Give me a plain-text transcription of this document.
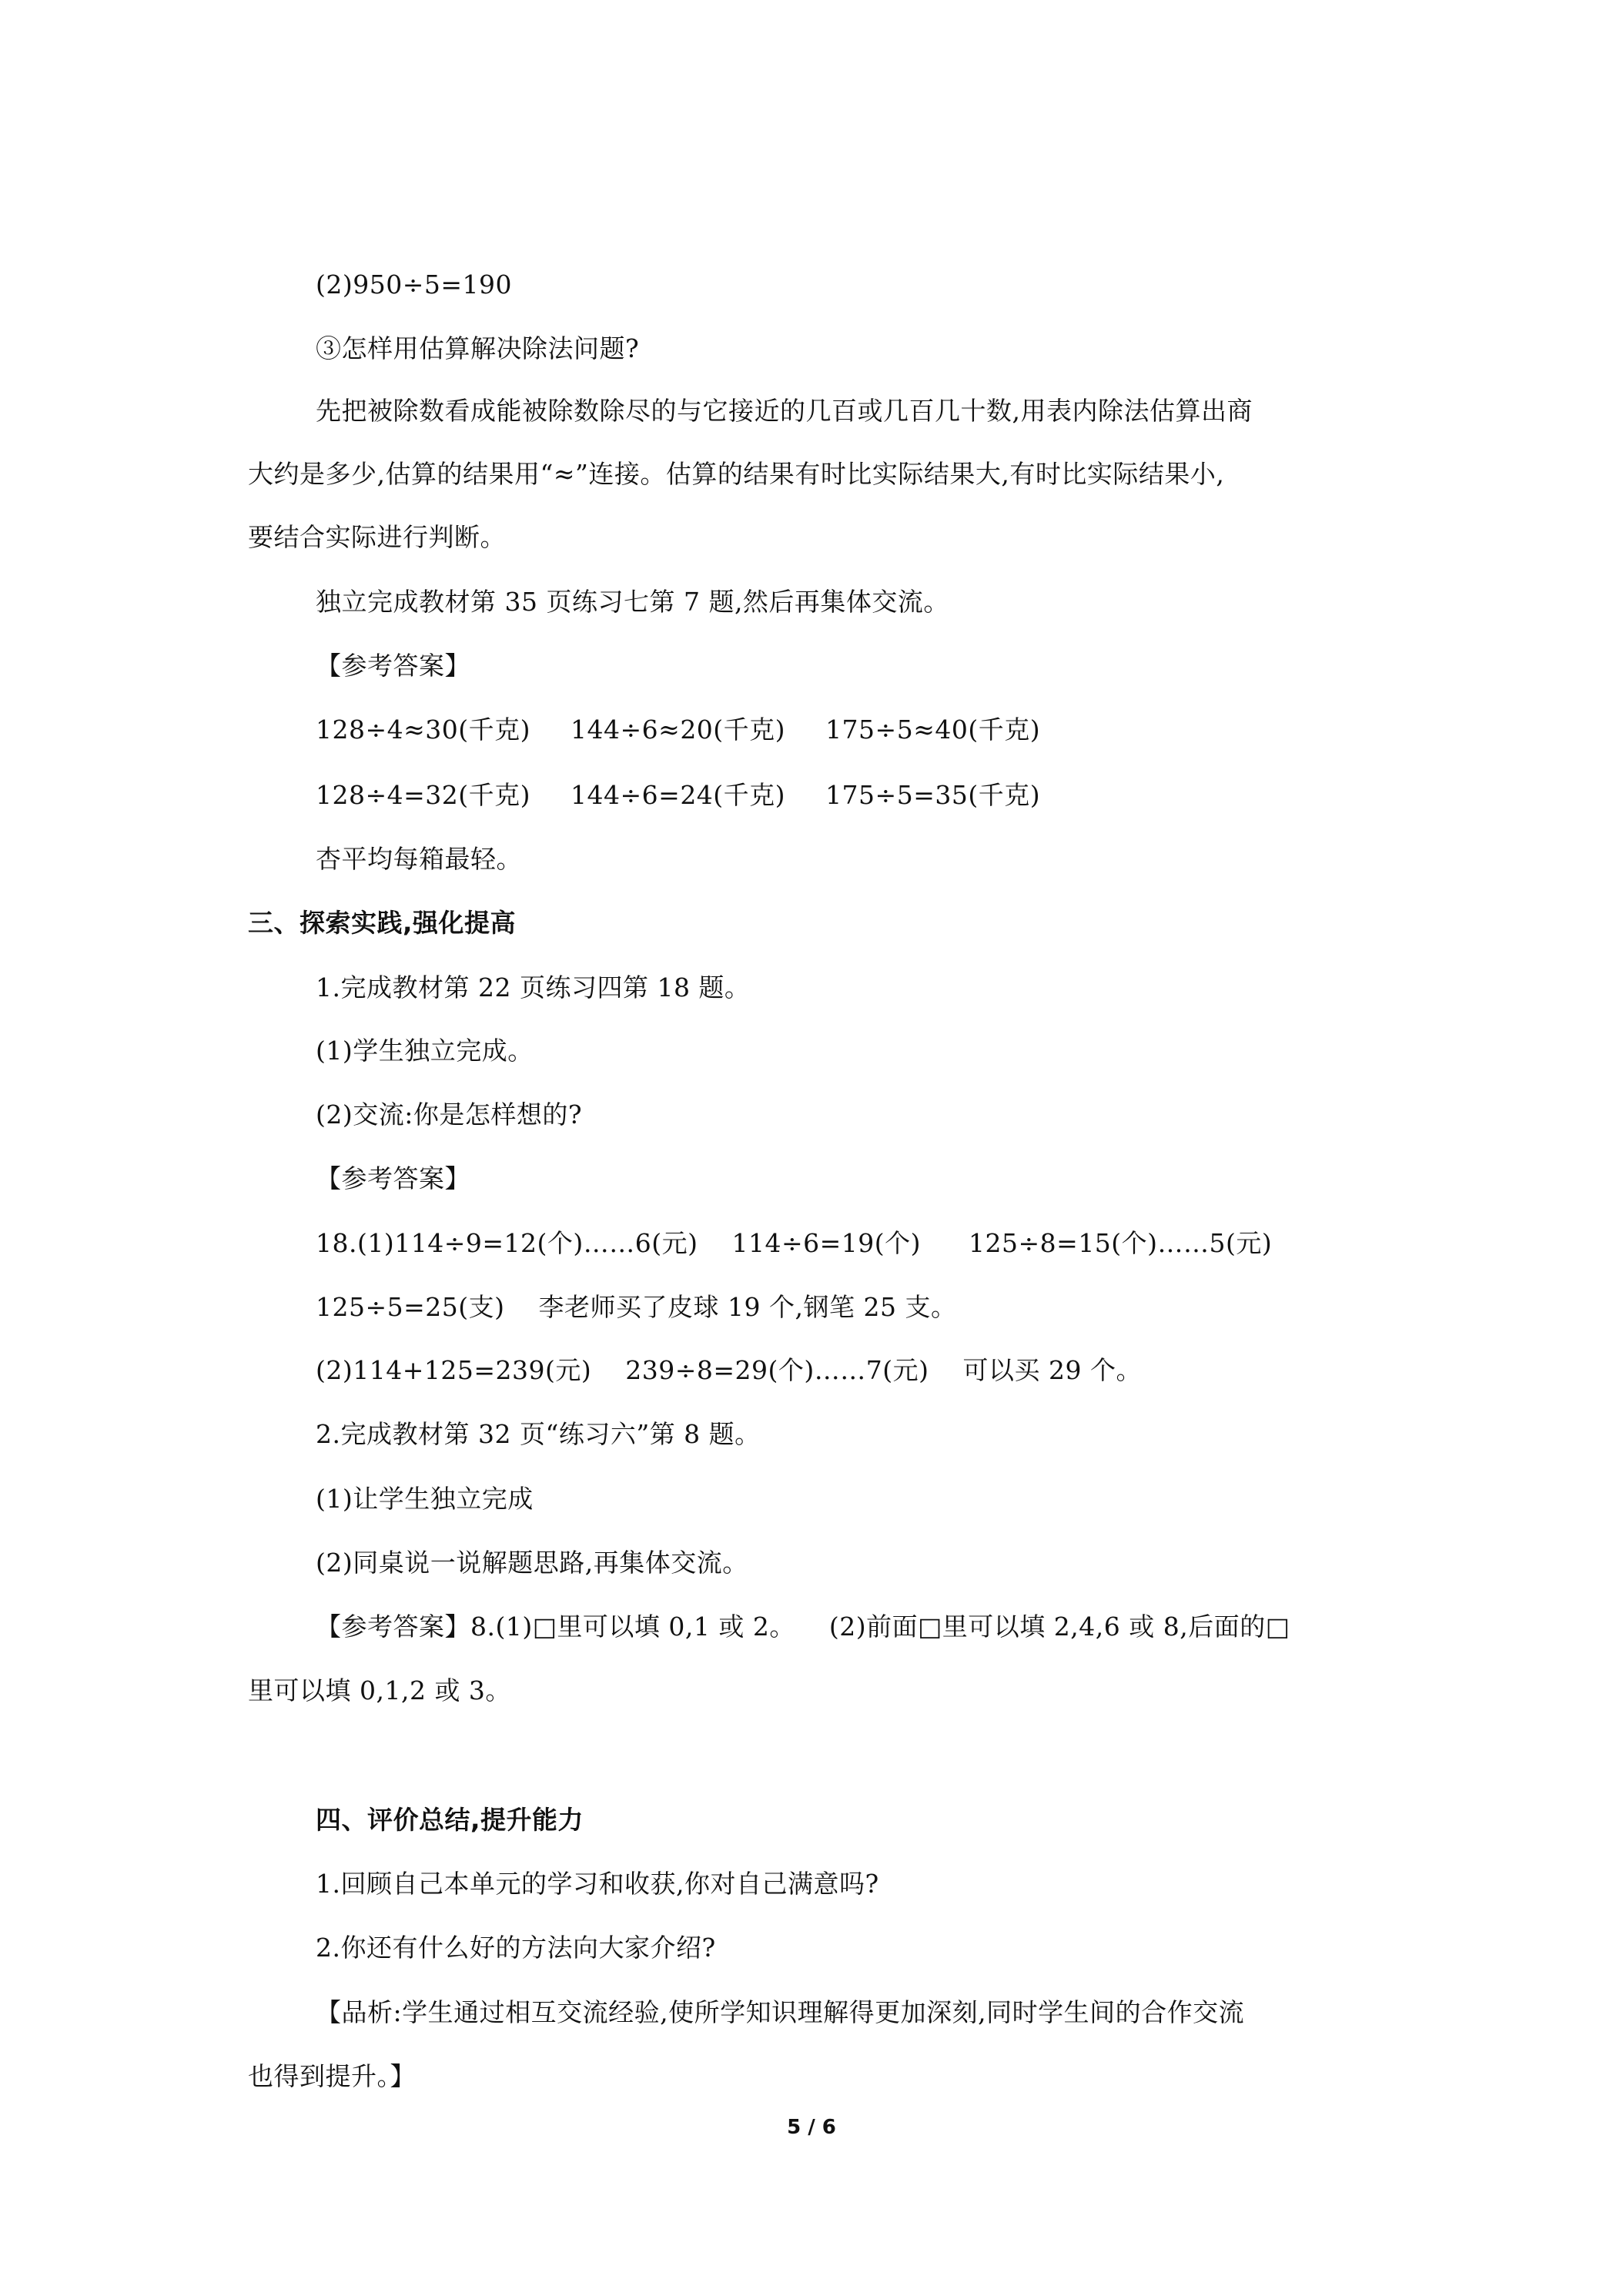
(2)950÷5=190
③怎样用估算解决除法问题?
先把被除数看成能被除数除尽的与它接近的几百或几百几十数,用表内除法估算出商
大约是多少,估算的结果用“≈”连接。估算的结果有时比实际结果大,有时比实际结果小,
要结合实际进行判断。
独立完成教材第 35 页练习七第 7 题,然后再集体交流。
【参考答案】
128÷4≈30(千克) 144÷6≈20(千克) 175÷5≈40(千克)
128÷4=32(千克) 144÷6=24(千克) 175÷5=35(千克)
杏平均每箱最轻。
三、探索实践,强化提高
1.完成教材第 22 页练习四第 18 题。
(1)学生独立完成。
(2)交流:你是怎样想的?
【参考答案】
18.(1)114÷9=12(个)……6(元) 114÷6=19(个) 125÷8=15(个)……5(元)
125÷5=25(支) 李老师买了皮球 19 个,钢笔 25 支。
(2)114+125=239(元) 239÷8=29(个)……7(元) 可以买 29 个。
2.完成教材第 32 页“练习六”第 8 题。
(1)让学生独立完成
(2)同桌说一说解题思路,再集体交流。
【参考答案】8.(1)□里可以填 0,1 或 2。 (2)前面□里可以填 2,4,6 或 8,后面的□
里可以填 0,1,2 或 3。
四、评价总结,提升能力
1.回顾自己本单元的学习和收获,你对自己满意吗?
2.你还有什么好的方法向大家介绍?
【品析:学生通过相互交流经验,使所学知识理解得更加深刻,同时学生间的合作交流
也得到提升。】
5 / 6
